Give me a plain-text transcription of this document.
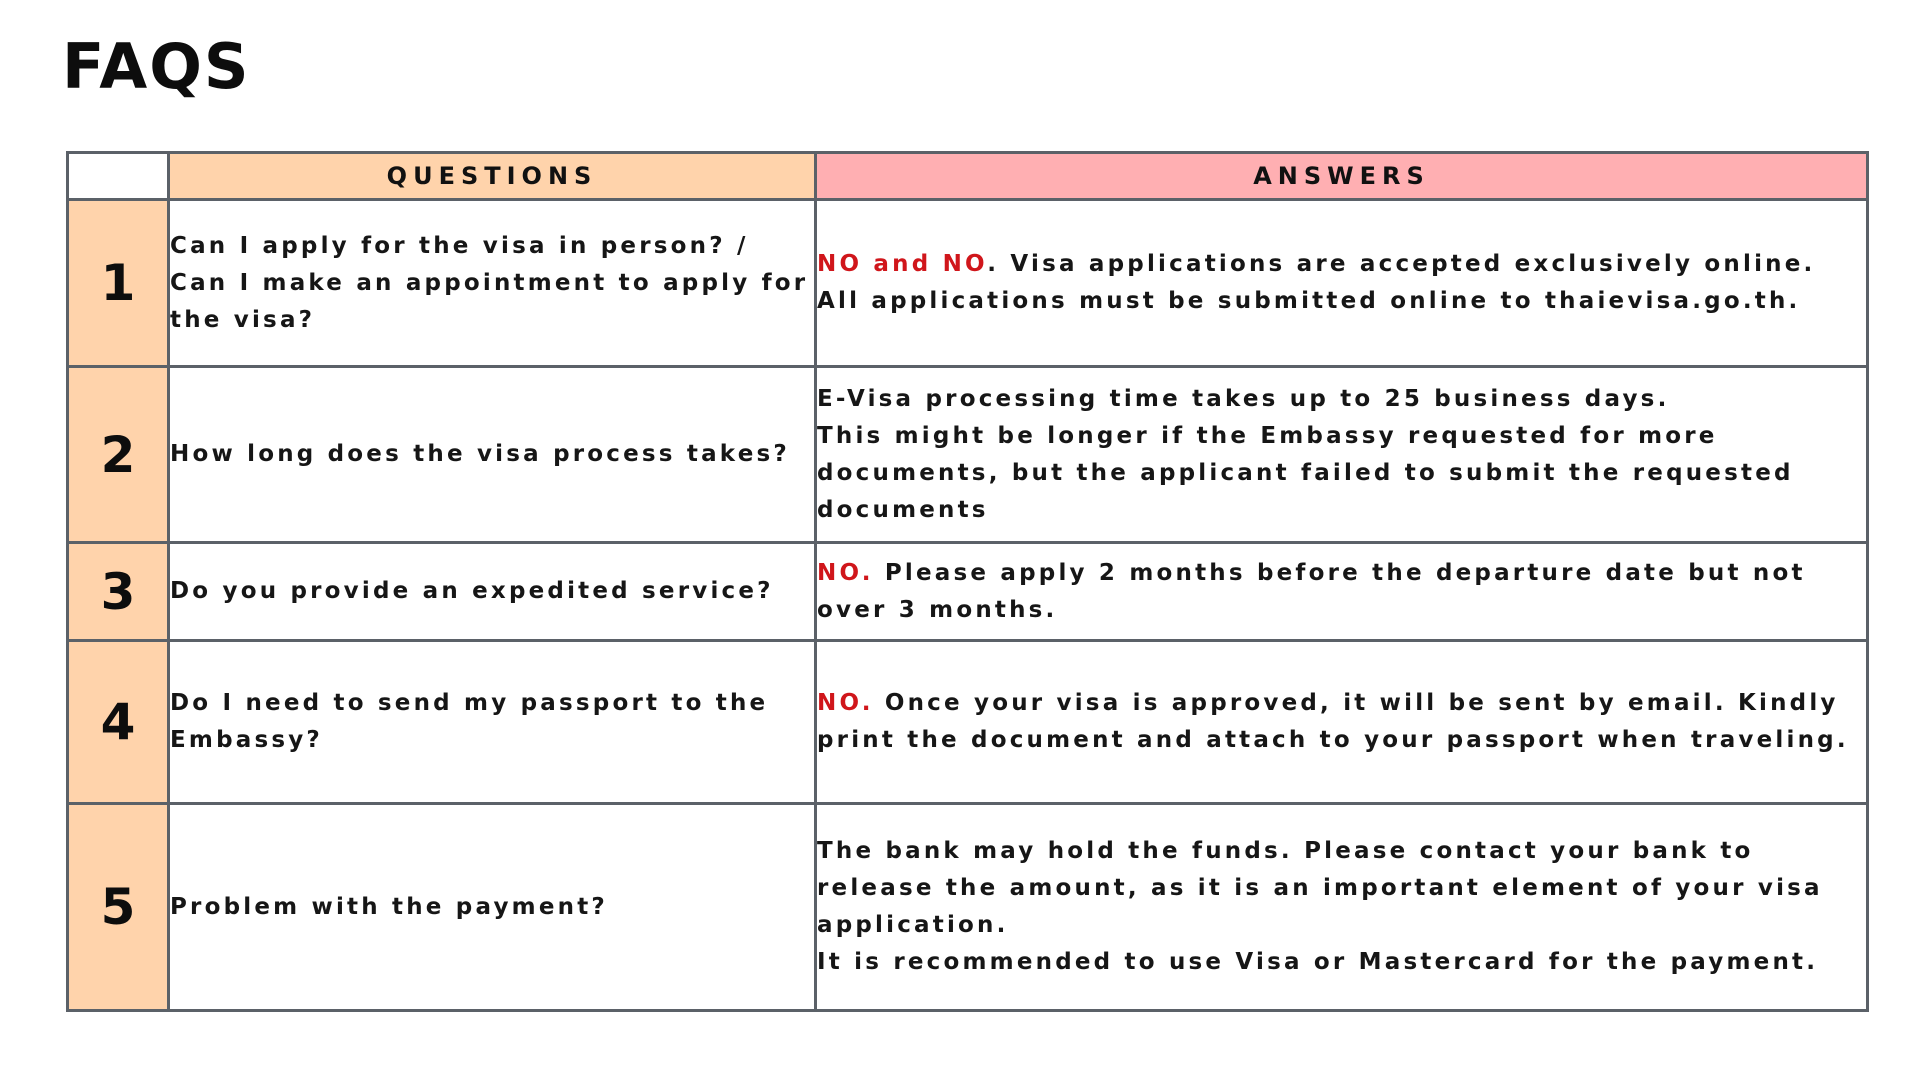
FAQS
	QUESTIONS	ANSWERS
1	Can I apply for the visa in person? / Can I make an appointment to apply for the visa?	NO and NO. Visa applications are accepted exclusively online. All applications must be submitted online to thaievisa.go.th.
2	How long does the visa process takes?	E-Visa processing time takes up to 25 business days.
This might be longer if the Embassy requested for more documents, but the applicant failed to submit the requested documents

3	Do you provide an expedited service?	NO. Please apply 2 months before the departure date but not over 3 months.
4	Do I need to send my passport to the Embassy?	NO. Once your visa is approved, it will be sent by email. Kindly print the document and attach to your passport when traveling.
5	Problem with the payment?	The bank may hold the funds. Please contact your bank to release the amount, as it is an important element of your visa application.
It is recommended to use Visa or Mastercard for the payment.
